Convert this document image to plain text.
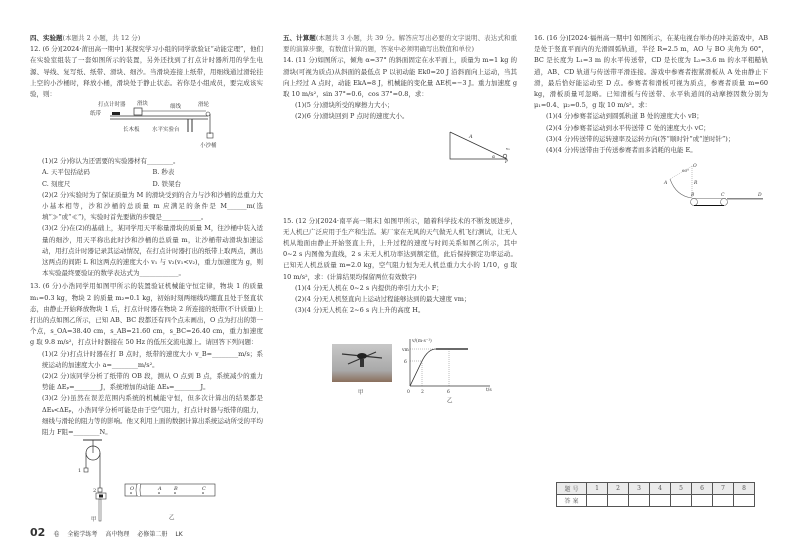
四、实验题(本题共 2 小题，共 12 分)

12. (6 分)[2024·莆田高一期中] 某探究学习小组的同学欲验证“动能定理”，他们在实验室组装了一套如图所示的装置，另外还找到了打点计时器所用的学生电源、导线、复写纸、纸带、滑块、细沙。当滑块连接上纸带，用细线通过滑轮挂上空的小沙桶时，释放小桶，滑块处于静止状态。若你是小组成员，要完成该实验，则：

(1)(2 分)你认为还需要的实验器材有________。

A. 天平包括砝码	B. 秒表
C. 刻度尺	D. 铁架台

(2)(2 分)实验时为了保证质量为 M 的滑块受到的合力与沙和沙桶的总重力大小基本相等，沙和沙桶的总质量 m 应满足的条件是 M______m(选填“≫”或“≪”)，实验时首先要做的步骤是____________。

(3)(2 分)在(2)的基础上，某同学用天平称量滑块的质量 M，往沙桶中装入适量的细沙，用天平称出此时沙和沙桶的总质量 m，让沙桶带动滑块加速运动，用打点计时器记录其运动情况，在打点计时器打出的纸带上取两点，测出这两点的间距 L 和这两点的速度大小 v₁ 与 v₂(v₁<v₂)，重力加速度为 g，则本实验最终要验证的数学表达式为____________。

13. (6 分)小浩同学用如图甲所示的装置验证机械能守恒定律，物块 1 的质量 m₁=0.3 kg，物块 2 的质量 m₂=0.1 kg，初始时刻两细线均绷直且处于竖直状态，由静止开始释放物块 1 后，打点计时器在物块 2 所连接的纸带(不计质量)上打出的点如图乙所示，已知 AB、BC 段都还有四个点未画出，O 点为打出的第一个点，s_OA=38.40 cm，s_AB=21.60 cm，s_BC=26.40 cm，重力加速度 g 取 9.8 m/s²，打点计时器接在 50 Hz 的低压交流电源上。请回答下列问题：

(1)(2 分)打点计时器在打 B 点时，纸带的速度大小 v_B=________m/s；系统运动的加速度大小 a=________m/s²。

(2)(2 分)该同学分析了纸带的 OB 段，测从 O 点到 B 点，系统减少的重力势能 ΔEₚ=________J，系统增加的动能 ΔEₖ=________J。

(3)(2 分)虽然在误差范围内系统的机械能守恒，但多次计算出的结果都是 ΔEₖ<ΔEₚ，小浩同学分析可能是由于空气阻力，打点计时器与纸带的阻力，细线与滑轮的阻力等的影响。他又利用上面的数据计算出系统运动所受的平均阻力 F阻=________N。

打点计时器 滑块	细线	滑轮
纸带
长木板 水平实验台
小沙桶
1
2
甲
O	A B	C
乙

五、计算题(本题共 3 小题，共 39 分。解答应写出必要的文字说明、表达式和重要的演算步骤，有数值计算的题，答案中必须明确写出数值和单位)

14. (11 分)如图所示，倾角 α=37° 的斜面固定在水平面上，质量为 m=1 kg 的滑块(可视为质点)从斜面的最低点 P 以初动能 Ek0=20 J 沿斜面向上运动，当其向上经过 A 点时，动能 EkA=8 J，机械能的变化量 ΔE机=−3 J。重力加速度 g 取 10 m/s²，sin 37°=0.6，cos 37°=0.8，求：

(1)(5 分)滑块所受的摩擦力大小；

(2)(6 分)滑块回到 P 点时的速度大小。

15. (12 分)[2024·南平高一期末] 如图甲所示，随着科学技术的不断发展进步，无人机已广泛应用于生产和生活。某厂家在无风的天气做无人机飞行测试，让无人机从地面由静止开始竖直上升，上升过程的速度与时间关系如图乙所示，其中 0~2 s 内图像为直线，2 s 末无人机功率达到额定值，此后保持额定功率运动。已知无人机总质量 m=2.0 kg，空气阻力恒为无人机总重力大小的 1/10，g 取 10 m/s²，求：(计算结果均保留两位有效数字)

(1)(4 分)无人机在 0~2 s 内提供的牵引力大小 F；

(2)(4 分)无人机竖直向上运动过程能够达到的最大速度 vm；

(3)(4 分)无人机在 2~6 s 内上升的高度 H。

A
α
v₀
P
甲
v/(m·s⁻¹)
t/s
vm
6
0 2	6
乙

16. (16 分)[2024·福州高一期中] 如图所示，在某电视台举办的冲关游戏中，AB 是处于竖直平面内的光滑圆弧轨道，半径 R=2.5 m，AO 与 BO 夹角为 60°，BC 是长度为 L₁=3 m 的水平传送带，CD 是长度为 L₂=3.6 m 的水平粗糙轨道，AB、CD 轨道与传送带平滑连接。游戏中参赛者抱紧滑板从 A 处由静止下滑，最后恰好能运动至 D 点。参赛者和滑板可视为质点，参赛者质量 m=60 kg，滑板质量可忽略。已知滑板与传送带、水平轨道间的动摩擦因数分别为 μ₁=0.4、μ₂=0.5，g 取 10 m/s²。求：

(1)(4 分)参赛者运动到圆弧轨道 B 处的速度大小 vB；

(2)(4 分)参赛者运动到水平传送带 C 处的速度大小 vC；

(3)(4 分)传送带的运转速率及运转方向(答“顺时针”或“逆时针”)；

(4)(4 分)传送带由于传送参赛者而多消耗的电能 E。

O
60°
R
A
B	C	D
题 号	1	2	3	4	5	6	7	8
答 案								
02 卷 全能学练考 高中物理 必修第二册 LK
